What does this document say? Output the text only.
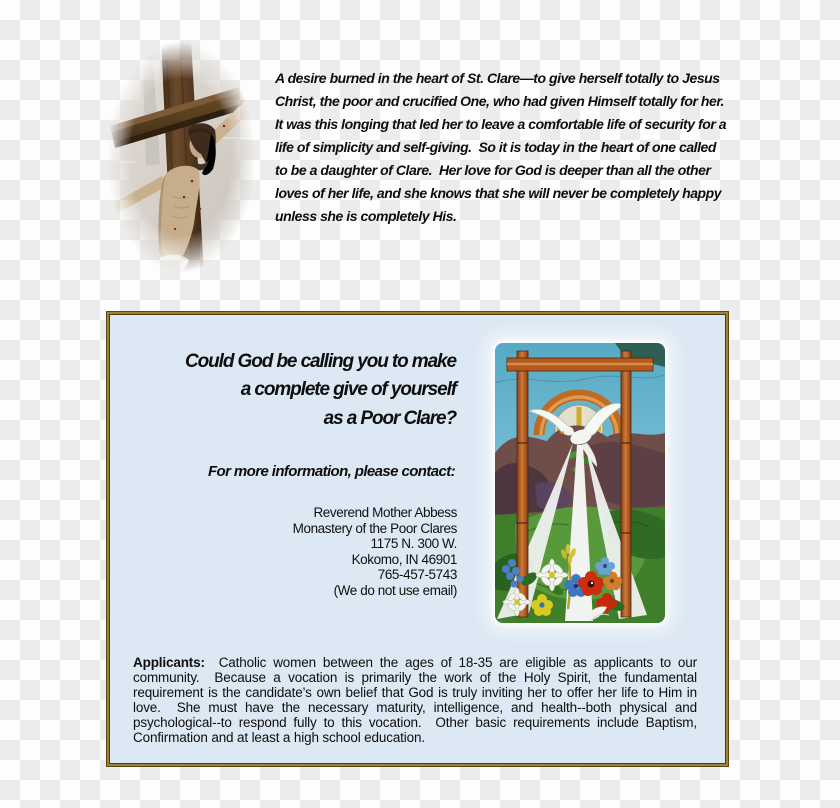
A desire burned in the heart of St. Clare—to give herself totally to Jesus
Christ, the poor and crucified One, who had given Himself totally for her.
It was this longing that led her to leave a comfortable life of security for a
life of simplicity and self-giving.  So it is today in the heart of one called
to be a daughter of Clare.  Her love for God is deeper than all the other
loves of her life, and she knows that she will never be completely happy
unless she is completely His.
Could God be calling you to make
a complete give of yourself
as a Poor Clare?
For more information, please contact:
Reverend Mother Abbess
Monastery of the Poor Clares
1175 N. 300 W.
Kokomo, IN 46901
765-457-5743
(We do not use email)
Applicants:  Catholic women between the ages of 18-35 are eligible as applicants to our
community.  Because a vocation is primarily the work of the Holy Spirit, the fundamental
requirement is the candidate’s own belief that God is truly inviting her to offer her life to Him in
love.  She must have the necessary maturity, intelligence, and health--both physical and
psychological--to respond fully to this vocation.  Other basic requirements include Baptism,
Confirmation and at least a high school education.
